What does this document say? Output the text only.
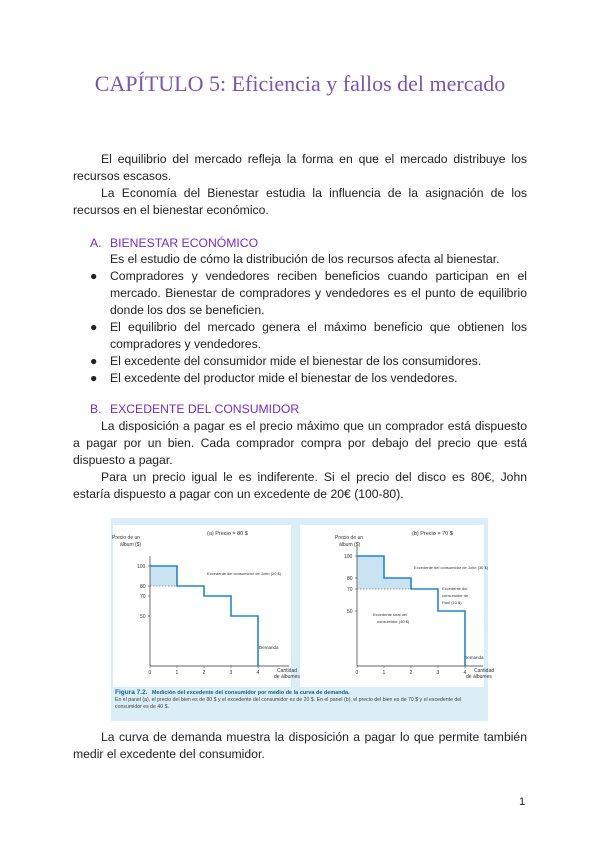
CAPÍTULO 5: Eficiencia y fallos del mercado

El equilibrio del mercado refleja la forma en que el mercado distribuye los recursos escasos.

La Economía del Bienestar estudia la influencia de la asignación de los recursos en el bienestar económico.

A. BIENESTAR ECONÓMICO

Es el estudio de cómo la distribución de los recursos afecta al bienestar.

● Compradores y vendedores reciben beneficios cuando participan en el mercado. Bienestar de compradores y vendedores es el punto de equilibrio donde los dos se beneficien.
● El equilibrio del mercado genera el máximo beneficio que obtienen los compradores y vendedores.
● El excedente del consumidor mide el bienestar de los consumidores.
● El excedente del productor mide el bienestar de los vendedores.

B. EXCEDENTE DEL CONSUMIDOR

La disposición a pagar es el precio máximo que un comprador está dispuesto a pagar por un bien. Cada comprador compra por debajo del precio que está dispuesto a pagar.

Para un precio igual le es indiferente. Si el precio del disco es 80€, John estaría dispuesto a pagar con un excedente de 20€ (100-80).

(a) Precio = 80 $
Precio de un
álbum ($)
Cantidad
de álbumes
Demanda
Excedente del consumidor de John (20 $)
(b) Precio = 70 $
Precio de un
álbum ($)
Cantidad
de álbumes
Demanda
Excedente del consumidor de John (30 $)
Excedente del
consumidor de
Paul (10 $)
Excedente total del
consumidor (40 $)
0	1	2	3	4
100
80
70
50
0	1	2	3	4
100
80
70
50
Figura 7.2. Medición del excedente del consumidor por medio de la curva de demanda.
En el panel (a), el precio del bien es de 80 $ y el excedente del consumidor es de 20 $. En el panel (b), el precio del bien es de 70 $ y el excedente del consumidor es de 40 $.

La curva de demanda muestra la disposición a pagar lo que permite también medir el excedente del consumidor.

1
